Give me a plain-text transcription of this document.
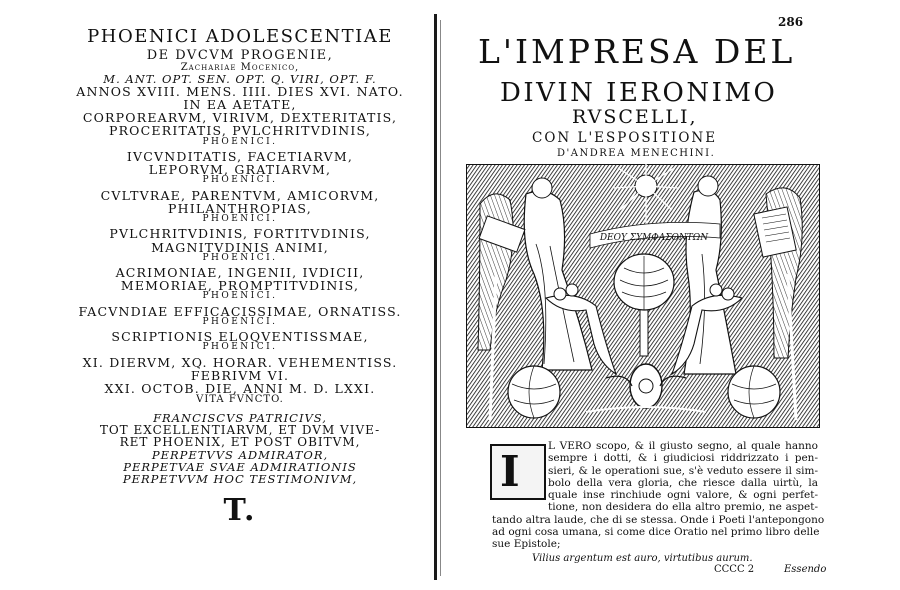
PHOENICI ADOLESCENTIAE
DE DVCVM PROGENIE,
Zachariae Mocenico,
M. ANT. OPT. SEN. OPT. Q. VIRI, OPT. F.
ANNOS XVIII. MENS. IIII. DIES XVI. NATO.
IN EA AETATE,
CORPOREARVM, VIRIVM, DEXTERITATIS,
PROCERITATIS, PVLCHRITVDINIS,
PHOENICI.
IVCVNDITATIS, FACETIARVM,
LEPORVM, GRATIARVM,
PHOENICI.
CVLTVRAE, PARENTVM, AMICORVM,
PHILANTHROPIAS,
PHOENICI.
PVLCHRITVDINIS, FORTITVDINIS,
MAGNITVDINIS ANIMI,
PHOENICI.
ACRIMONIAE, INGENII, IVDICII,
MEMORIAE, PROMPTITVDINIS,
PHOENICI.
FACVNDIAE EFFICACISSIMAE, ORNATISS.
PHOENICI.
SCRIPTIONIS ELOQVENTISSMAE,
PHOENICI.
XI. DIERVM, XQ. HORAR. VEHEMENTISS.
FEBRIVM VI.
XXI. OCTOB. DIE, ANNI M. D. LXXI.
VITA FVNCTO.
FRANCISCVS PATRICIVS,
TOT EXCELLENTIARVM, ET DVM VIVE-
RET PHOENIX, ET POST OBITVM,
PERPETVVS ADMIRATOR,
PERPETVAE SVAE ADMIRATIONIS
PERPETVVM HOC TESTIMONIVM,
T.
286
L'IMPRESA DEL
DIVIN IERONIMO
RVSCELLI,
CON L'ESPOSITIONE
D'ANDREA MENECHINI.
DEOY ΣΥΜΦΑΣΟΝΤΩΝ
I
L VERO scopo, & il giusto segno, al quale hanno
sempre i dotti, & i giudiciosi riddrizzato i pen-
sieri, & le operationi sue, s'è veduto essere il sim-
bolo della vera gloria, che riesce dalla uirtù, la
quale inse rinchiude ogni valore, & ogni perfet-
tione, non desidera do ella altro premio, ne aspet-
tando altra laude, che di se stessa. Onde i Poeti l'antepongono
ad ogni cosa umana, si come dice Oratio nel primo libro delle
sue Epistole;
Vilius argentum est auro, virtutibus aurum.
CCCC 2	Essendo
